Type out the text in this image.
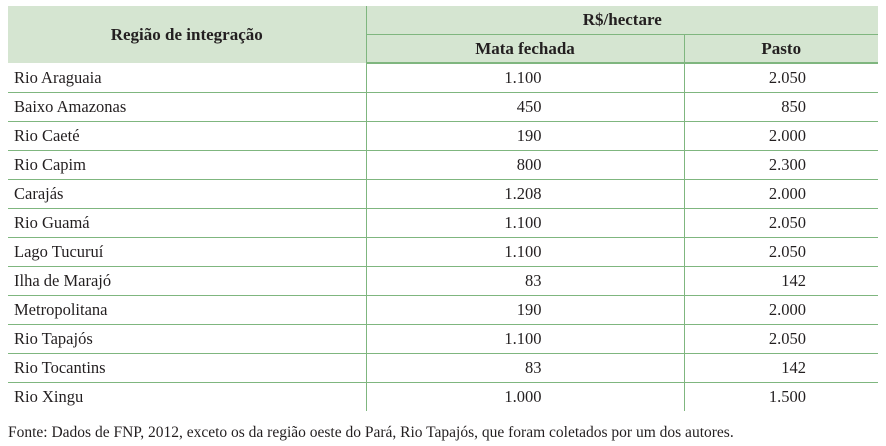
Região de integração	R$/hectare	
	Mata fechada	Pasto
Rio Araguaia	1.100	2.050
Baixo Amazonas	450	850
Rio Caeté	190	2.000
Rio Capim	800	2.300
Carajás	1.208	2.000
Rio Guamá	1.100	2.050
Lago Tucuruí	1.100	2.050
Ilha de Marajó	83	142
Metropolitana	190	2.000
Rio Tapajós	1.100	2.050
Rio Tocantins	83	142
Rio Xingu	1.000	1.500
Fonte: Dados de FNP, 2012, exceto os da região oeste do Pará, Rio Tapajós, que foram coletados por um dos autores.
